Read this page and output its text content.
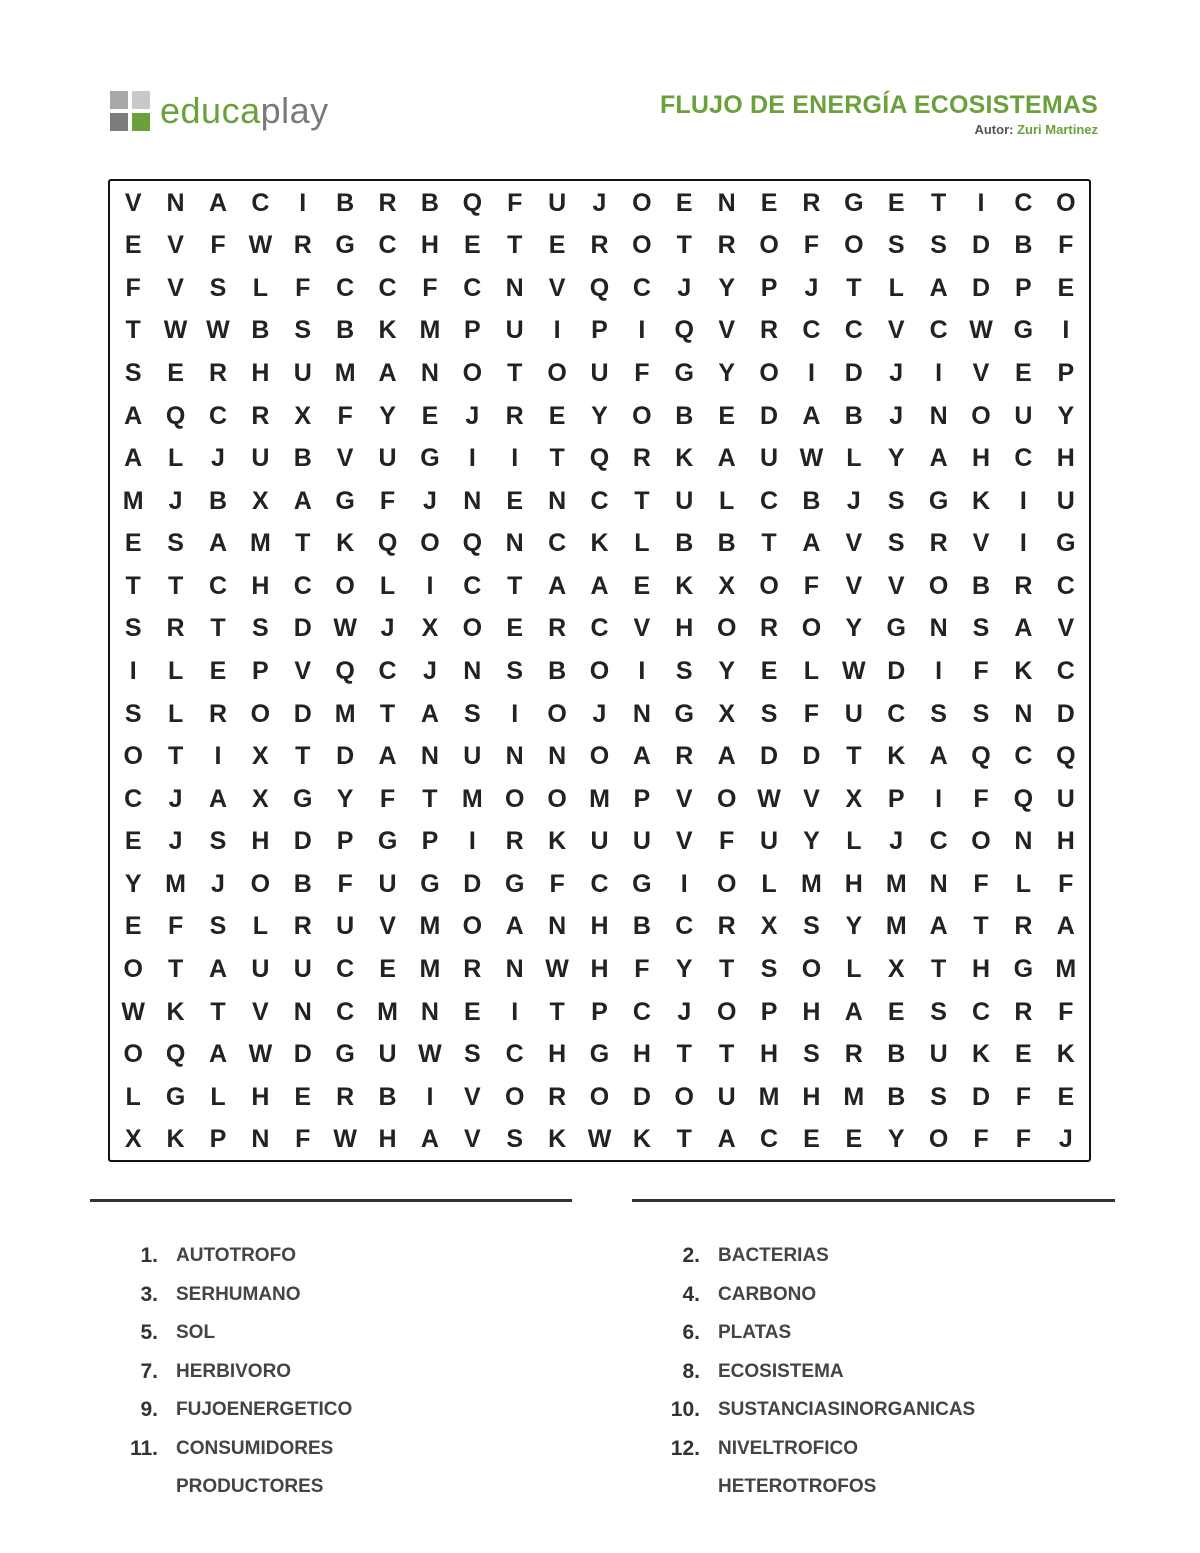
educaplay	FLUJO DE ENERGÍA ECOSISTEMAS
Autor: Zuri Martinez
V	N A C	I	B R B Q	F	U	J	O E	N	E	R G E	T	I	C O
E	V	F W R G C H	E	T	E	R O	T	R O	F	O S	S	D B	F
F	V	S	L	F	C C	F	C N	V Q C	J	Y	P	J	T	L	A D	P	E
T W W B	S	B K M P	U	I	P	I	Q V	R C C	V	C W G	I
S	E	R H U M A N O	T	O U	F	G Y O	I	D	J	I	V	E	P
A Q C R	X	F	Y	E	J	R	E	Y O B	E	D A B	J	N O U	Y
A	L	J	U B	V	U G	I	I	T	Q R K A U W L	Y	A H C H
M	J	B	X	A G	F	J	N	E	N C	T	U	L	C B	J	S G K	I	U
E	S	A M T	K Q O Q N C K	L	B B	T	A	V	S	R	V	I	G
T	T	C H C O	L	I	C	T	A A	E	K	X O	F	V	V O B R C
S	R	T	S	D W J	X O E	R C	V	H O R O Y G N	S	A	V
I	L	E	P	V Q C	J	N	S	B O	I	S	Y	E	L W D	I	F	K C
S	L	R O D M T	A	S	I	O	J	N G X	S	F	U C	S	S	N D
O	T	I	X	T	D A N U N N O A R A D D	T	K A Q C Q
C	J	A	X G Y	F	T M O O M P	V O W V	X	P	I	F	Q U
E	J	S	H D	P G P	I	R K U U	V	F	U	Y	L	J	C O N H
Y M	J	O B	F	U G D G	F	C G	I	O	L M H M N	F	L	F
E	F	S	L	R U	V M O A N H B C R	X	S	Y M A	T	R A
O	T	A U U C	E M R N W H	F	Y	T	S O	L	X	T	H G M
W K	T	V	N C M N	E	I	T	P	C	J	O P	H A	E	S	C R	F
O Q A W D G U W S	C H G H	T	T	H	S	R B U K	E	K
L	G	L	H	E	R B	I	V O R O D O U M H M B	S	D	F	E
X	K	P	N	F W H A	V	S	K W K	T	A C	E	E	Y O	F	F	J
1. AUTOTROFO
3. SERHUMANO
5. SOL
7. HERBIVORO
9. FUJOENERGETICO
11. CONSUMIDORES
PRODUCTORES
2. BACTERIAS
4. CARBONO
6. PLATAS
8. ECOSISTEMA
10. SUSTANCIASINORGANICAS
12. NIVELTROFICO
HETEROTROFOS
